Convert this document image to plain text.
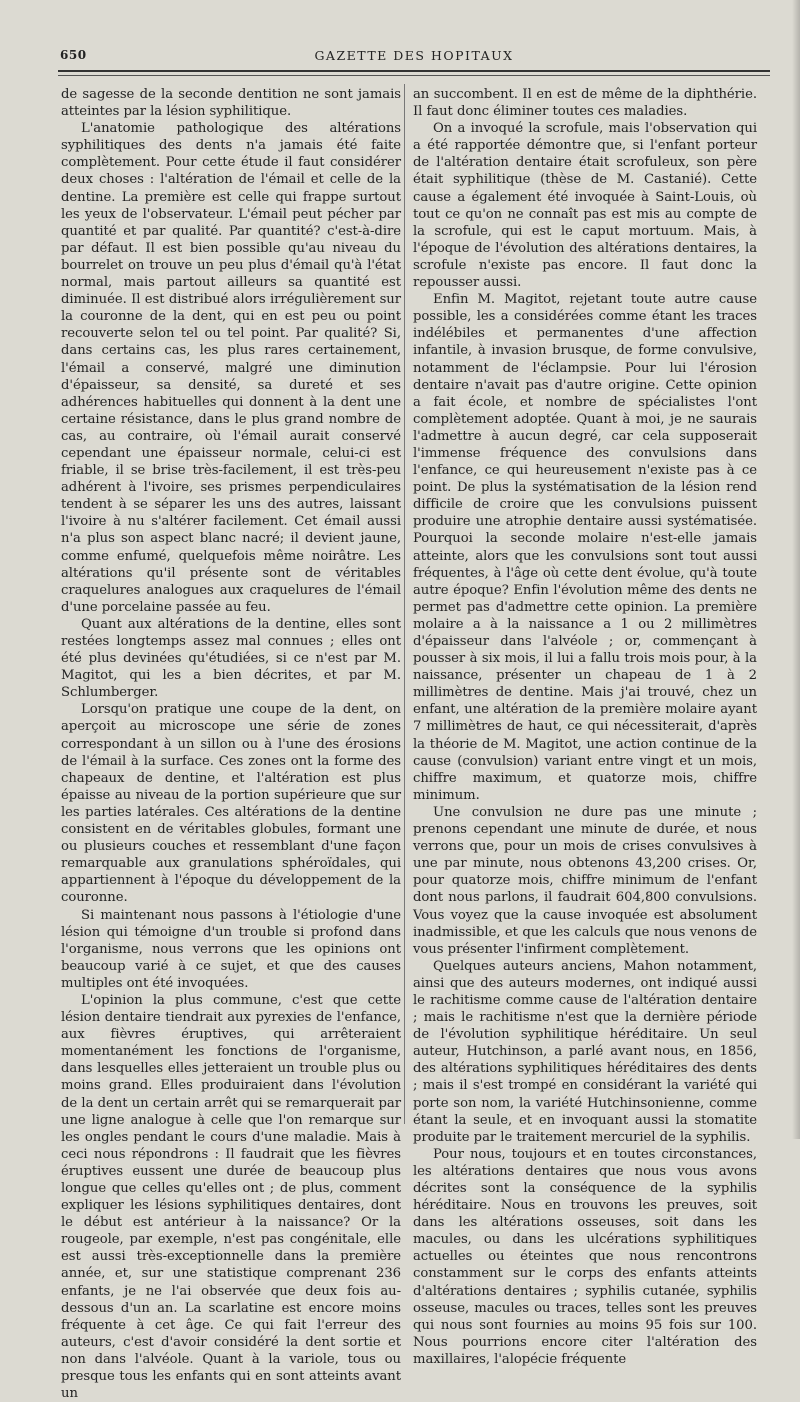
650	GAZETTE DES HOPITAUX

de sagesse de la seconde dentition ne sont jamais atteintes par la lésion syphilitique.

L'anatomie pathologique des altérations syphilitiques des dents n'a jamais été faite complètement. Pour cette étude il faut considérer deux choses : l'altération de l'émail et celle de la dentine. La première est celle qui frappe surtout les yeux de l'observateur. L'émail peut pécher par quantité et par qualité. Par quantité? c'est-à-dire par défaut. Il est bien possible qu'au niveau du bourrelet on trouve un peu plus d'émail qu'à l'état normal, mais partout ailleurs sa quantité est diminuée. Il est distribué alors irrégulièrement sur la couronne de la dent, qui en est peu ou point recouverte selon tel ou tel point. Par qualité? Si, dans certains cas, les plus rares certainement, l'émail a conservé, malgré une diminution d'épaisseur, sa densité, sa dureté et ses adhérences habituelles qui donnent à la dent une certaine résistance, dans le plus grand nombre de cas, au contraire, où l'émail aurait conservé cependant une épaisseur normale, celui-ci est friable, il se brise très-facilement, il est très-peu adhérent à l'ivoire, ses prismes perpendiculaires tendent à se séparer les uns des autres, laissant l'ivoire à nu s'altérer facilement. Cet émail aussi n'a plus son aspect blanc nacré; il devient jaune, comme enfumé, quelquefois même noirâtre. Les altérations qu'il présente sont de véritables craquelures analogues aux craquelures de l'émail d'une porcelaine passée au feu.

Quant aux altérations de la dentine, elles sont restées longtemps assez mal connues ; elles ont été plus devinées qu'étudiées, si ce n'est par M. Magitot, qui les a bien décrites, et par M. Schlumberger.

Lorsqu'on pratique une coupe de la dent, on aperçoit au microscope une série de zones correspondant à un sillon ou à l'une des érosions de l'émail à la surface. Ces zones ont la forme des chapeaux de dentine, et l'altération est plus épaisse au niveau de la portion supérieure que sur les parties latérales. Ces altérations de la dentine consistent en de véritables globules, formant une ou plusieurs couches et ressemblant d'une façon remarquable aux granulations sphéroïdales, qui appartiennent à l'époque du développement de la couronne.

Si maintenant nous passons à l'étiologie d'une lésion qui témoigne d'un trouble si profond dans l'organisme, nous verrons que les opinions ont beaucoup varié à ce sujet, et que des causes multiples ont été invoquées.

L'opinion la plus commune, c'est que cette lésion dentaire tiendrait aux pyrexies de l'enfance, aux fièvres éruptives, qui arrêteraient momentanément les fonctions de l'organisme, dans lesquelles elles jetteraient un trouble plus ou moins grand. Elles produiraient dans l'évolution de la dent un certain arrêt qui se remarquerait par une ligne analogue à celle que l'on remarque sur les ongles pendant le cours d'une maladie. Mais à ceci nous répondrons : Il faudrait que les fièvres éruptives eussent une durée de beaucoup plus longue que celles qu'elles ont ; de plus, comment expliquer les lésions syphilitiques dentaires, dont le début est antérieur à la naissance? Or la rougeole, par exemple, n'est pas congénitale, elle est aussi très-exceptionnelle dans la première année, et, sur une statistique comprenant 236 enfants, je ne l'ai observée que deux fois au-dessous d'un an. La scarlatine est encore moins fréquente à cet âge. Ce qui fait l'erreur des auteurs, c'est d'avoir considéré la dent sortie et non dans l'alvéole. Quant à la variole, tous ou presque tous les enfants qui en sont atteints avant un

an succombent. Il en est de même de la diphthérie. Il faut donc éliminer toutes ces maladies.

On a invoqué la scrofule, mais l'observation qui a été rapportée démontre que, si l'enfant porteur de l'altération dentaire était scrofuleux, son père était syphilitique (thèse de M. Castanié). Cette cause a également été invoquée à Saint-Louis, où tout ce qu'on ne connaît pas est mis au compte de la scrofule, qui est le caput mortuum. Mais, à l'époque de l'évolution des altérations dentaires, la scrofule n'existe pas encore. Il faut donc la repousser aussi.

Enfin M. Magitot, rejetant toute autre cause possible, les a considérées comme étant les traces indélébiles et permanentes d'une affection infantile, à invasion brusque, de forme convulsive, notamment de l'éclampsie. Pour lui l'érosion dentaire n'avait pas d'autre origine. Cette opinion a fait école, et nombre de spécialistes l'ont complètement adoptée. Quant à moi, je ne saurais l'admettre à aucun degré, car cela supposerait l'immense fréquence des convulsions dans l'enfance, ce qui heureusement n'existe pas à ce point. De plus la systématisation de la lésion rend difficile de croire que les convulsions puissent produire une atrophie dentaire aussi systématisée. Pourquoi la seconde molaire n'est-elle jamais atteinte, alors que les convulsions sont tout aussi fréquentes, à l'âge où cette dent évolue, qu'à toute autre époque? Enfin l'évolution même des dents ne permet pas d'admettre cette opinion. La première molaire a à la naissance a 1 ou 2 millimètres d'épaisseur dans l'alvéole ; or, commençant à pousser à six mois, il lui a fallu trois mois pour, à la naissance, présenter un chapeau de 1 à 2 millimètres de dentine. Mais j'ai trouvé, chez un enfant, une altération de la première molaire ayant 7 millimètres de haut, ce qui nécessiterait, d'après la théorie de M. Magitot, une action continue de la cause (convulsion) variant entre vingt et un mois, chiffre maximum, et quatorze mois, chiffre minimum.

Une convulsion ne dure pas une minute ; prenons cependant une minute de durée, et nous verrons que, pour un mois de crises convulsives à une par minute, nous obtenons 43,200 crises. Or, pour quatorze mois, chiffre minimum de l'enfant dont nous parlons, il faudrait 604,800 convulsions. Vous voyez que la cause invoquée est absolument inadmissible, et que les calculs que nous venons de vous présenter l'infirment complètement.

Quelques auteurs anciens, Mahon notamment, ainsi que des auteurs modernes, ont indiqué aussi le rachitisme comme cause de l'altération dentaire ; mais le rachitisme n'est que la dernière période de l'évolution syphilitique héréditaire. Un seul auteur, Hutchinson, a parlé avant nous, en 1856, des altérations syphilitiques héréditaires des dents ; mais il s'est trompé en considérant la variété qui porte son nom, la variété Hutchinsonienne, comme étant la seule, et en invoquant aussi la stomatite produite par le traitement mercuriel de la syphilis.

Pour nous, toujours et en toutes circonstances, les altérations dentaires que nous vous avons décrites sont la conséquence de la syphilis héréditaire. Nous en trouvons les preuves, soit dans les altérations osseuses, soit dans les macules, ou dans les ulcérations syphilitiques actuelles ou éteintes que nous rencontrons constamment sur le corps des enfants atteints d'altérations dentaires ; syphilis cutanée, syphilis osseuse, macules ou traces, telles sont les preuves qui nous sont fournies au moins 95 fois sur 100. Nous pourrions encore citer l'altération des maxillaires, l'alopécie fréquente
